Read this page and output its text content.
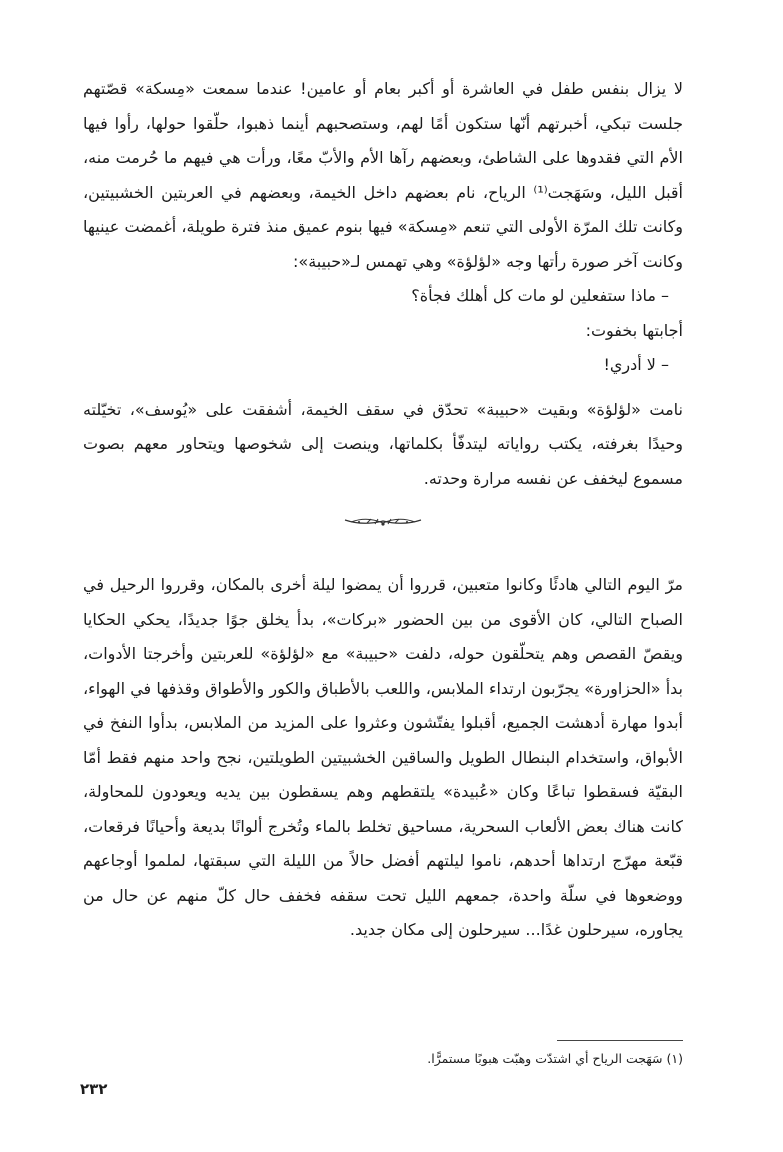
لا يزال بنفس طفل في العاشرة أو أكبر بعام أو عامين! عندما سمعت «مِسكة» قصّتهم جلست تبكي، أخبرتهم أنّها ستكون أمًا لهم، وستصحبهم أينما ذهبوا، حلّقوا حولها، رأوا فيها الأم التي فقدوها على الشاطئ، وبعضهم رآها الأم والأبّ معًا، ورأت هي فيهم ما حُرمت منه، أقبل الليل، وسَهَجت⁽¹⁾ الرياح، نام بعضهم داخل الخيمة، وبعضهم في العربتين الخشبيتين، وكانت تلك المرّة الأولى التي تنعم «مِسكة» فيها بنوم عميق منذ فترة طويلة، أغمضت عينيها وكانت آخر صورة رأتها وجه «لؤلؤة» وهي تهمس لـ«حبيبة»:

– ماذا ستفعلين لو مات كل أهلك فجأة؟

أجابتها بخفوت:

– لا أدري!

نامت «لؤلؤة» وبقيت «حبيبة» تحدّق في سقف الخيمة، أشفقت على «يُوسف»، تخيّلته وحيدًا بغرفته، يكتب رواياته ليتدفّأ بكلماتها، وينصت إلى شخوصها ويتحاور معهم بصوت مسموع ليخفف عن نفسه مرارة وحدته.

مرّ اليوم التالي هادئًا وكانوا متعبين، قرروا أن يمضوا ليلة أخرى بالمكان، وقرروا الرحيل في الصباح التالي، كان الأقوى من بين الحضور «بركات»، بدأ يخلق جوًا جديدًا، يحكي الحكايا ويقصّ القصص وهم يتحلّقون حوله، دلفت «حبيبة» مع «لؤلؤة» للعربتين وأخرجتا الأدوات، بدأ «الحزاورة» يجرّبون ارتداء الملابس، واللعب بالأطباق والكور والأطواق وقذفها في الهواء، أبدوا مهارة أدهشت الجميع، أقبلوا يفتّشون وعثروا على المزيد من الملابس، بدأوا النفخ في الأبواق، واستخدام البنطال الطويل والساقين الخشبيتين الطويلتين، نجح واحد منهم فقط أمّا البقيّة فسقطوا تباعًا وكان «عُبيدة» يلتقطهم وهم يسقطون بين يديه ويعودون للمحاولة، كانت هناك بعض الألعاب السحرية، مساحيق تخلط بالماء وتُخرج ألوانًا بديعة وأحيانًا فرقعات، قبّعة مهرّج ارتداها أحدهم، ناموا ليلتهم أفضل حالاً من الليلة التي سبقتها، لملموا أوجاعهم ووضعوها في سلّة واحدة، جمعهم الليل تحت سقفه فخفف حال كلّ منهم عن حال من يجاوره، سيرحلون غدًا... سيرحلون إلى مكان جديد.

(١) سَهَجت الرياح أي اشتدّت وهبّت هبوبًا مستمرًّا.

٢٣٢
